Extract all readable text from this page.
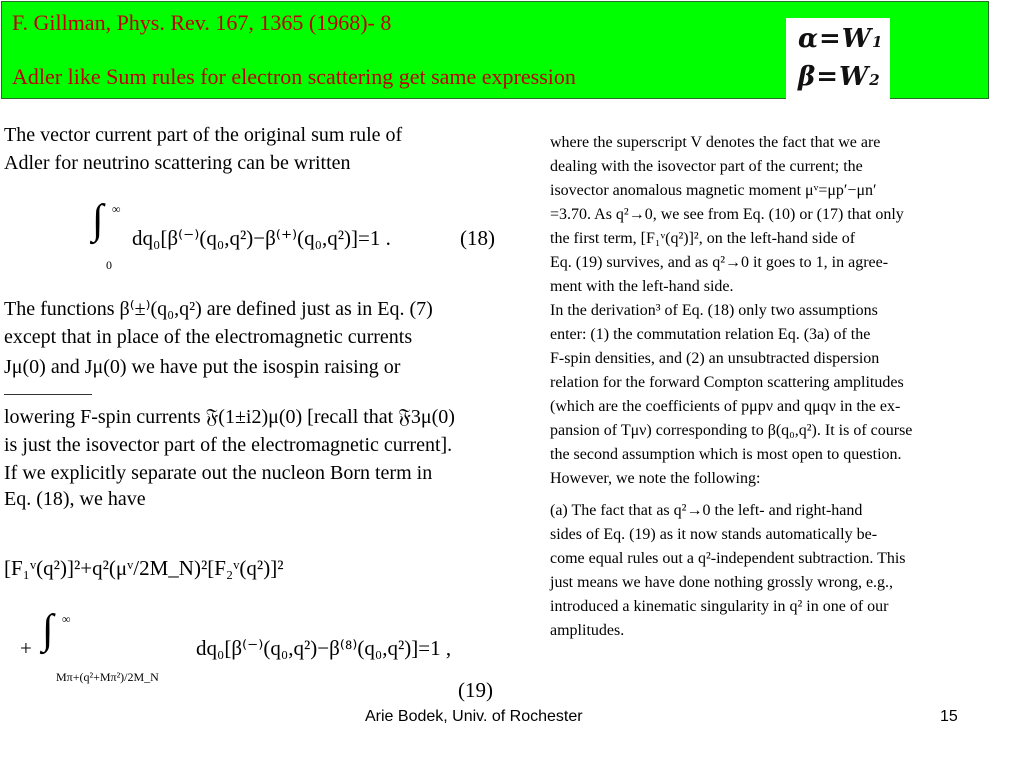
F. Gillman, Phys. Rev. 167, 1365 (1968)- 8
Adler like Sum rules for electron scattering get same expression
α=W1
β=W2
The vector current part of the original sum rule of
Adler for neutrino scattering can be written
∫ ∞
0
dq₀[β⁽⁻⁾(q₀,q²)−β⁽⁺⁾(q₀,q²)]=1 .	(18)
The functions β⁽±⁾(q₀,q²) are defined just as in Eq. (7)
except that in place of the electromagnetic currents
Jμ(0) and Jμ(0) we have put the isospin raising or
lowering F-spin currents 𝔉(1±i2)μ(0) [recall that 𝔉3μ(0)
is just the isovector part of the electromagnetic current].
If we explicitly separate out the nucleon Born term in
Eq. (18), we have
[F₁ᵛ(q²)]²+q²(μᵛ/2M_N)²[F₂ᵛ(q²)]²
+ ∫ ∞
Mπ+(q²+Mπ²)/2M_N
dq₀[β⁽⁻⁾(q₀,q²)−β⁽⁸⁾(q₀,q²)]=1 ,
(19)
where the superscript V denotes the fact that we are
dealing with the isovector part of the current; the
isovector anomalous magnetic moment μᵛ=μp′−μn′
=3.70. As q²→0, we see from Eq. (10) or (17) that only
the first term, [F₁ᵛ(q²)]², on the left-hand side of
Eq. (19) survives, and as q²→0 it goes to 1, in agree-
ment with the left-hand side.
In the derivation³ of Eq. (18) only two assumptions
enter: (1) the commutation relation Eq. (3a) of the
F-spin densities, and (2) an unsubtracted dispersion
relation for the forward Compton scattering amplitudes
(which are the coefficients of pμpν and qμqν in the ex-
pansion of Tμν) corresponding to β(q₀,q²). It is of course
the second assumption which is most open to question.
However, we note the following:
(a) The fact that as q²→0 the left- and right-hand
sides of Eq. (19) as it now stands automatically be-
come equal rules out a q²-independent subtraction. This
just means we have done nothing grossly wrong, e.g.,
introduced a kinematic singularity in q² in one of our
amplitudes.
Arie Bodek, Univ. of Rochester	15
